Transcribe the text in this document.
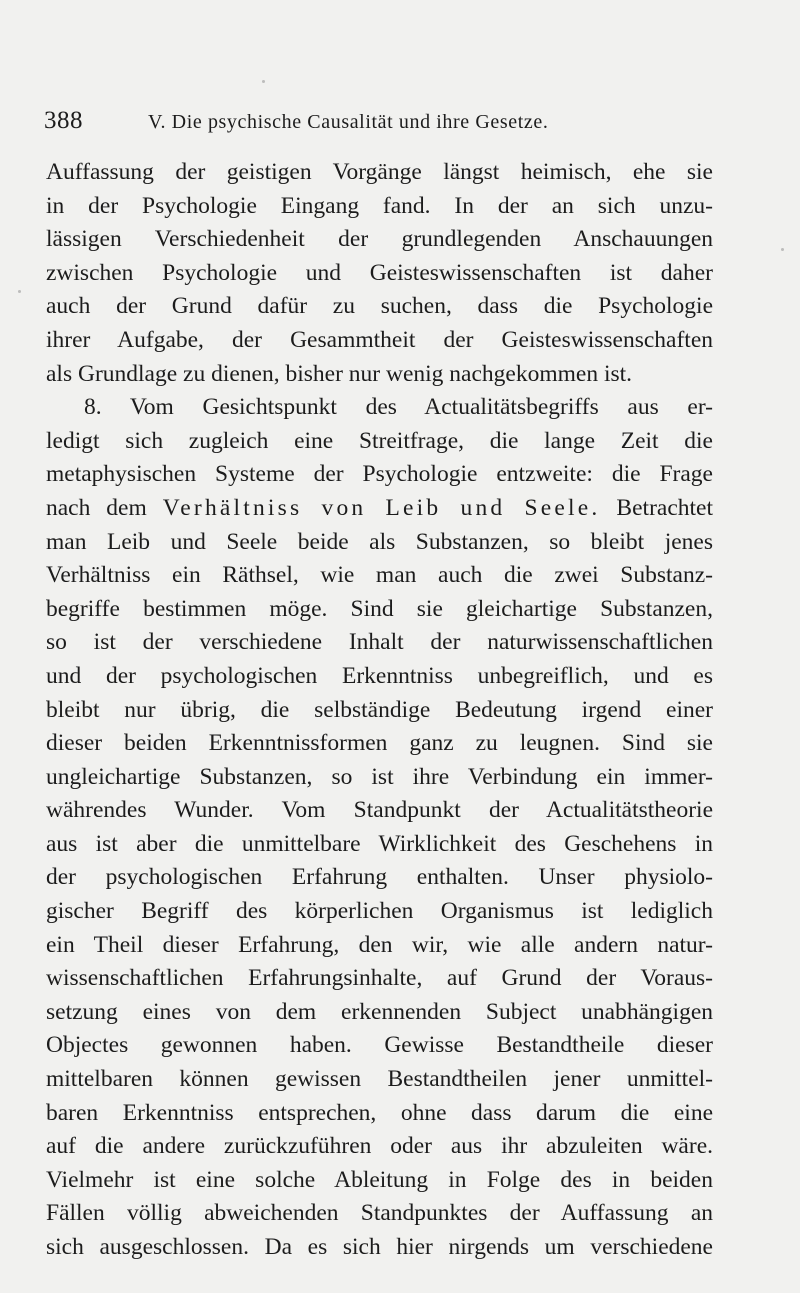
388	V. Die psychische Causalität und ihre Gesetze.
Auffassung der geistigen Vorgänge längst heimisch, ehe sie
in der Psychologie Eingang fand. In der an sich unzu-
lässigen Verschiedenheit der grundlegenden Anschauungen
zwischen Psychologie und Geisteswissenschaften ist daher
auch der Grund dafür zu suchen, dass die Psychologie
ihrer Aufgabe, der Gesammtheit der Geisteswissenschaften
als Grundlage zu dienen, bisher nur wenig nachgekommen ist.
8. Vom Gesichtspunkt des Actualitätsbegriffs aus er-
ledigt sich zugleich eine Streitfrage, die lange Zeit die
metaphysischen Systeme der Psychologie entzweite: die Frage
nach dem Verhältniss von Leib und Seele. Betrachtet
man Leib und Seele beide als Substanzen, so bleibt jenes
Verhältniss ein Räthsel, wie man auch die zwei Substanz-
begriffe bestimmen möge. Sind sie gleichartige Substanzen,
so ist der verschiedene Inhalt der naturwissenschaftlichen
und der psychologischen Erkenntniss unbegreiflich, und es
bleibt nur übrig, die selbständige Bedeutung irgend einer
dieser beiden Erkenntnissformen ganz zu leugnen. Sind sie
ungleichartige Substanzen, so ist ihre Verbindung ein immer-
währendes Wunder. Vom Standpunkt der Actualitätstheorie
aus ist aber die unmittelbare Wirklichkeit des Geschehens in
der psychologischen Erfahrung enthalten. Unser physiolo-
gischer Begriff des körperlichen Organismus ist lediglich
ein Theil dieser Erfahrung, den wir, wie alle andern natur-
wissenschaftlichen Erfahrungsinhalte, auf Grund der Voraus-
setzung eines von dem erkennenden Subject unabhängigen
Objectes gewonnen haben. Gewisse Bestandtheile dieser
mittelbaren können gewissen Bestandtheilen jener unmittel-
baren Erkenntniss entsprechen, ohne dass darum die eine
auf die andere zurückzuführen oder aus ihr abzuleiten wäre.
Vielmehr ist eine solche Ableitung in Folge des in beiden
Fällen völlig abweichenden Standpunktes der Auffassung an
sich ausgeschlossen. Da es sich hier nirgends um verschiedene
